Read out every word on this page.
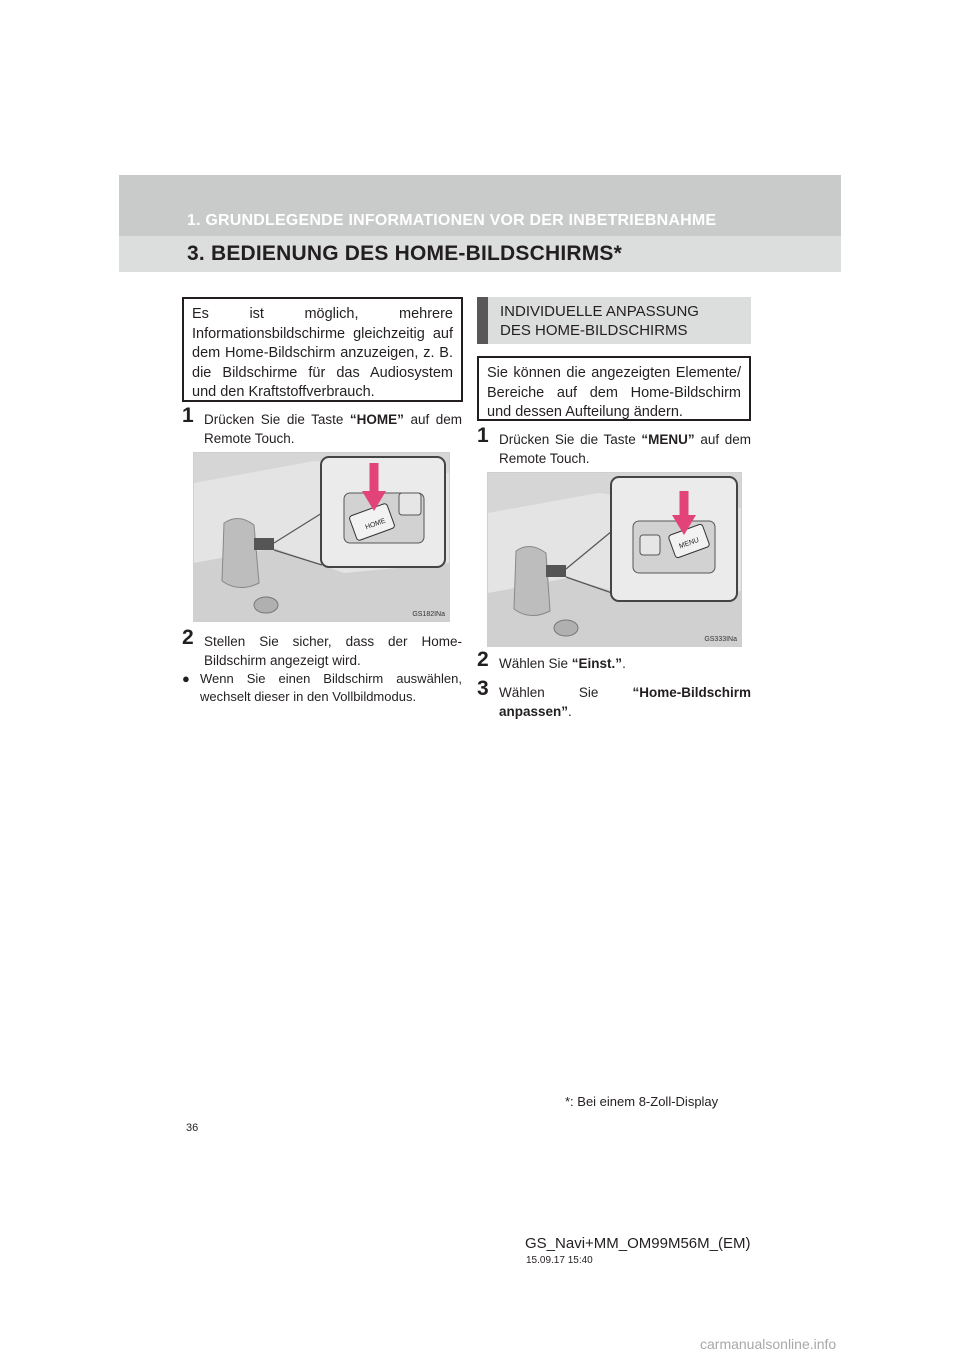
1. GRUNDLEGENDE INFORMATIONEN VOR DER INBETRIEBNAHME
3. BEDIENUNG DES HOME-BILDSCHIRMS*
Es ist möglich, mehrere Informationsbildschirme gleichzeitig auf dem Home-Bildschirm anzuzeigen, z. B. die Bildschirme für das Audiosystem und den Kraftstoffverbrauch.
1 Drücken Sie die Taste “HOME” auf dem Remote Touch.
HOME
GS182INa
2 Stellen Sie sicher, dass der Home-Bildschirm angezeigt wird.
● Wenn Sie einen Bildschirm auswählen, wechselt dieser in den Vollbildmodus.
INDIVIDUELLE ANPASSUNG
DES HOME-BILDSCHIRMS
Sie können die angezeigten Elemente/ Bereiche auf dem Home-Bildschirm und dessen Aufteilung ändern.
1 Drücken Sie die Taste “MENU” auf dem Remote Touch.
MENU
GS333INa
2 Wählen Sie “Einst.”.
3 Wählen Sie “Home-Bildschirm anpassen”.
*: Bei einem 8-Zoll-Display
36
GS_Navi+MM_OM99M56M_(EM)
15.09.17 15:40
carmanualsonline.info
